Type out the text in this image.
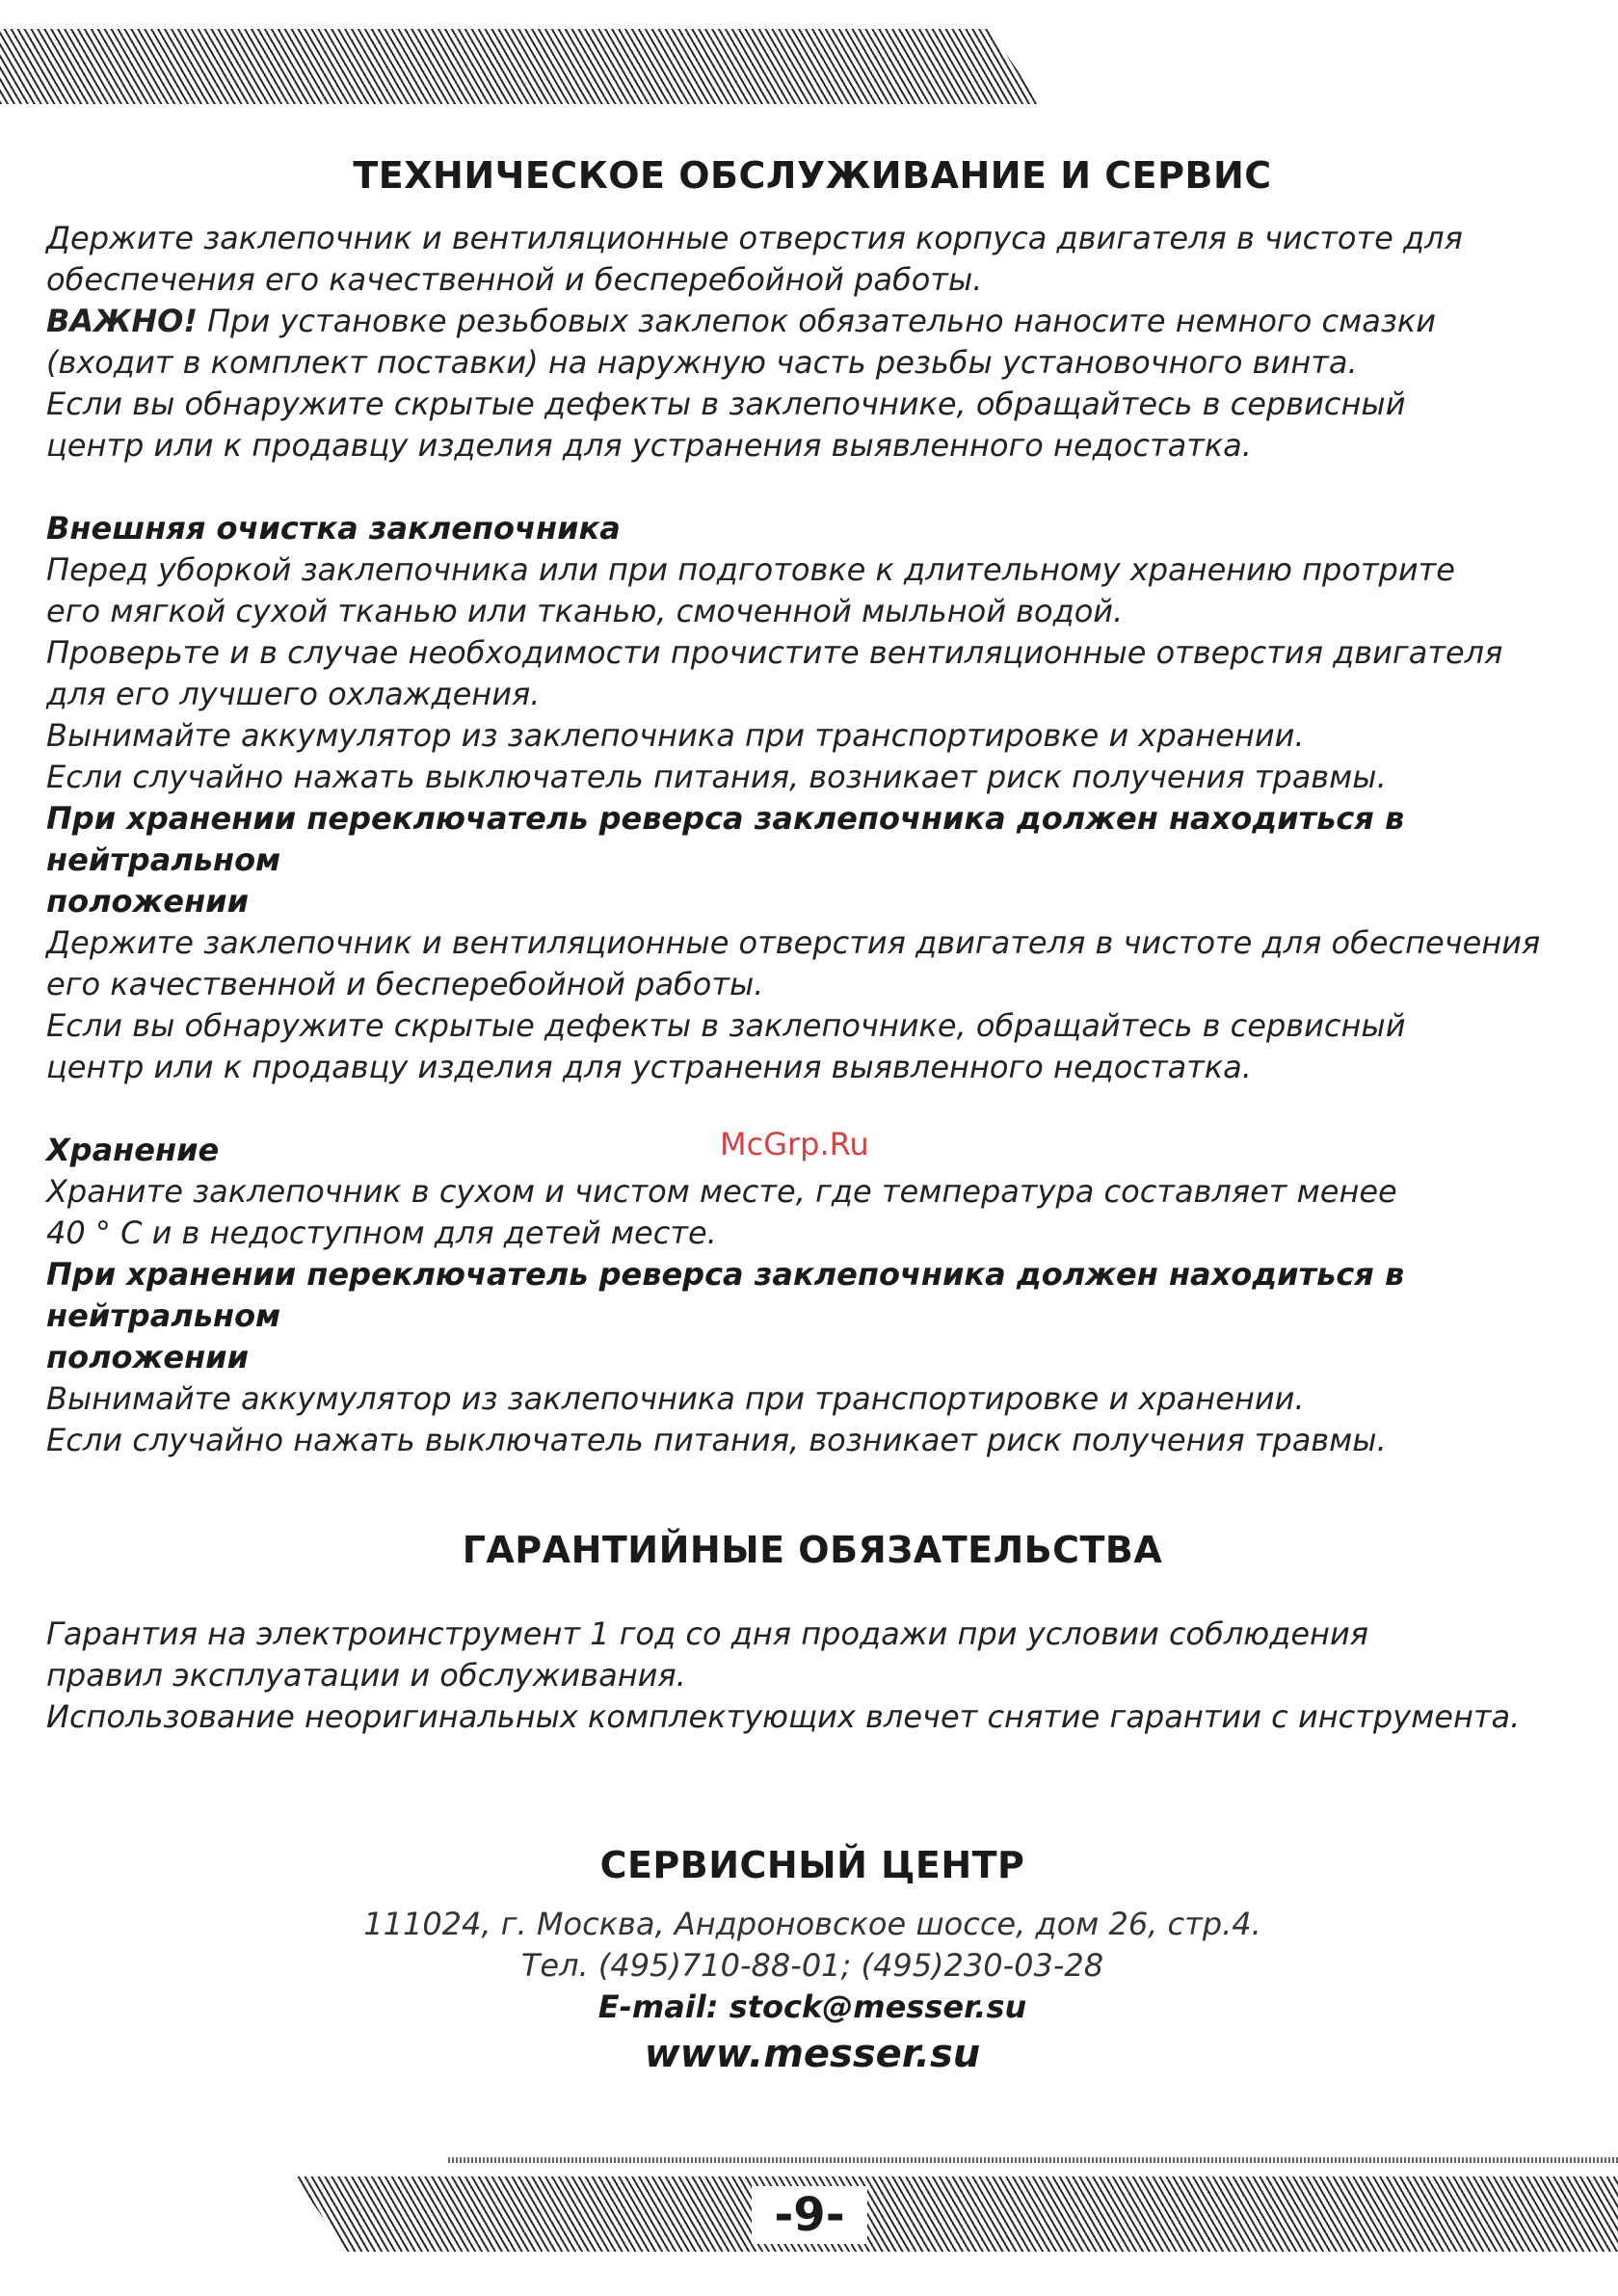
McGrp.Ru
ТЕХНИЧЕСКОЕ ОБСЛУЖИВАНИЕ И СЕРВИС

Держите заклепочник и вентиляционные отверстия корпуса двигателя в чистоте для

обеспечения его качественной и бесперебойной работы.

ВАЖНО! При установке резьбовых заклепок обязательно наносите немного смазки

(входит в комплект поставки) на наружную часть резьбы установочного винта.

Если вы обнаружите скрытые дефекты в заклепочнике, обращайтесь в сервисный

центр или к продавцу изделия для устранения выявленного недостатка.

Внешняя очистка заклепочника

Перед уборкой заклепочника или при подготовке к длительному хранению протрите

его мягкой сухой тканью или тканью, смоченной мыльной водой.

Проверьте и в случае необходимости прочистите вентиляционные отверстия двигателя

для его лучшего охлаждения.

Вынимайте аккумулятор из заклепочника при транспортировке и хранении.

Если случайно нажать выключатель питания, возникает риск получения травмы.

При хранении переключатель реверса заклепочника должен находиться в нейтральном

положении

Держите заклепочник и вентиляционные отверстия двигателя в чистоте для обеспечения

его качественной и бесперебойной работы.

Если вы обнаружите скрытые дефекты в заклепочнике, обращайтесь в сервисный

центр или к продавцу изделия для устранения выявленного недостатка.

Хранение

Храните заклепочник в сухом и чистом месте, где температура составляет менее

40 ° С и в недоступном для детей месте.

При хранении переключатель реверса заклепочника должен находиться в нейтральном

положении

Вынимайте аккумулятор из заклепочника при транспортировке и хранении.

Если случайно нажать выключатель питания, возникает риск получения травмы.

ГАРАНТИЙНЫЕ ОБЯЗАТЕЛЬСТВА

Гарантия на электроинструмент 1 год со дня продажи при условии соблюдения

правил эксплуатации и обслуживания.

Использование неоригинальных комплектующих влечет снятие гарантии с инструмента.

СЕРВИСНЫЙ ЦЕНТР

111024, г. Москва, Андроновское шоссе, дом 26, стр.4.

Тел. (495)710-88-01; (495)230-03-28

E-mail: stock@messer.su

www.messer.su

-9-
